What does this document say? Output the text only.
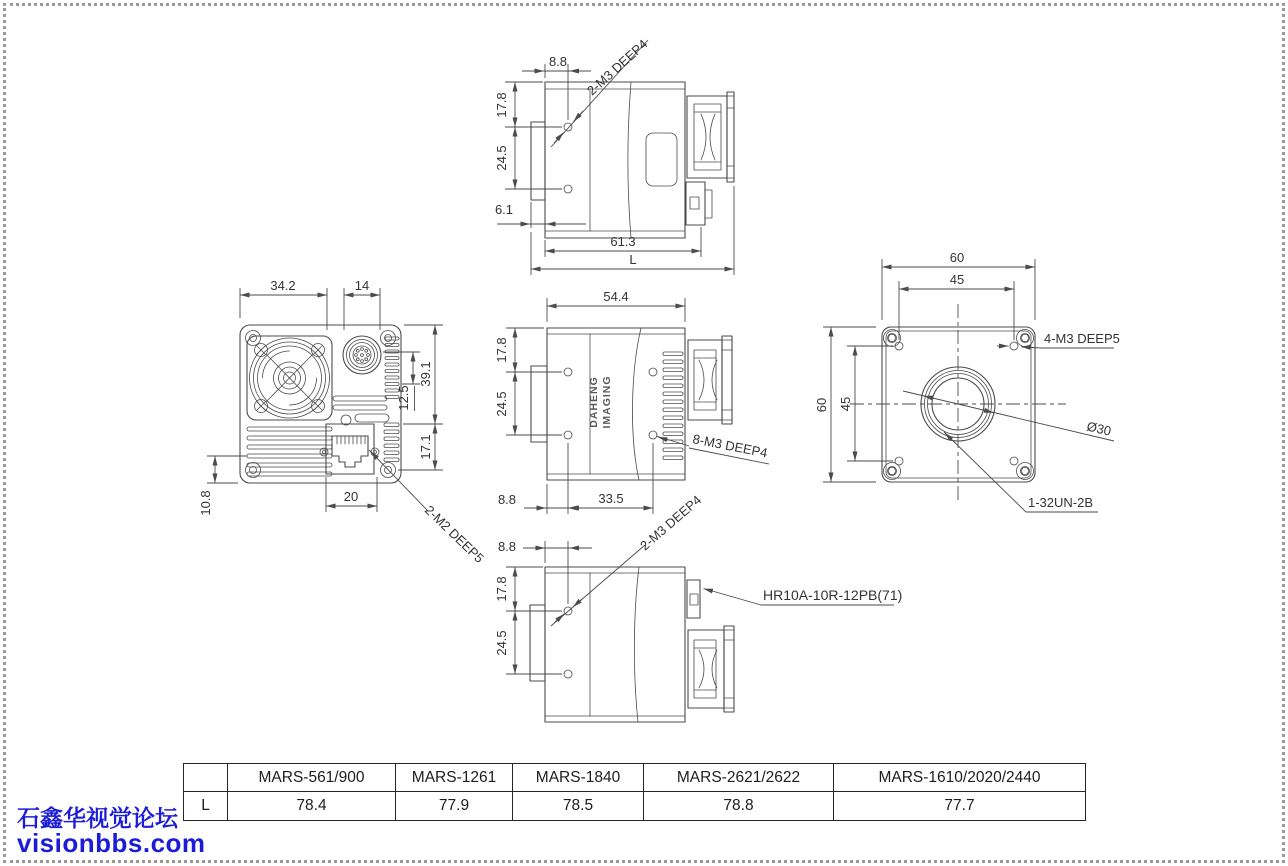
8.8
17.8
24.5
6.1
61.3
L
2-M3 DEEP4
34.2	14
39.1
12.5
17.1
10.8	20
2-M2 DEEP5
DAHENG IMAGING
54.4
17.8
24.5
8.8	33.5
8-M3 DEEP4
60
45
60 45
4-M3 DEEP5
Ø30
1-32UN-2B
8.8
17.8
24.5
2-M3 DEEP4
HR10A-10R-12PB(71)
	MARS-561/900	MARS-1261	MARS-1840	MARS-2621/2622	MARS-1610/2020/2440
L	78.4	77.9	78.5	78.8	77.7
石鑫华视觉论坛
visionbbs.com
